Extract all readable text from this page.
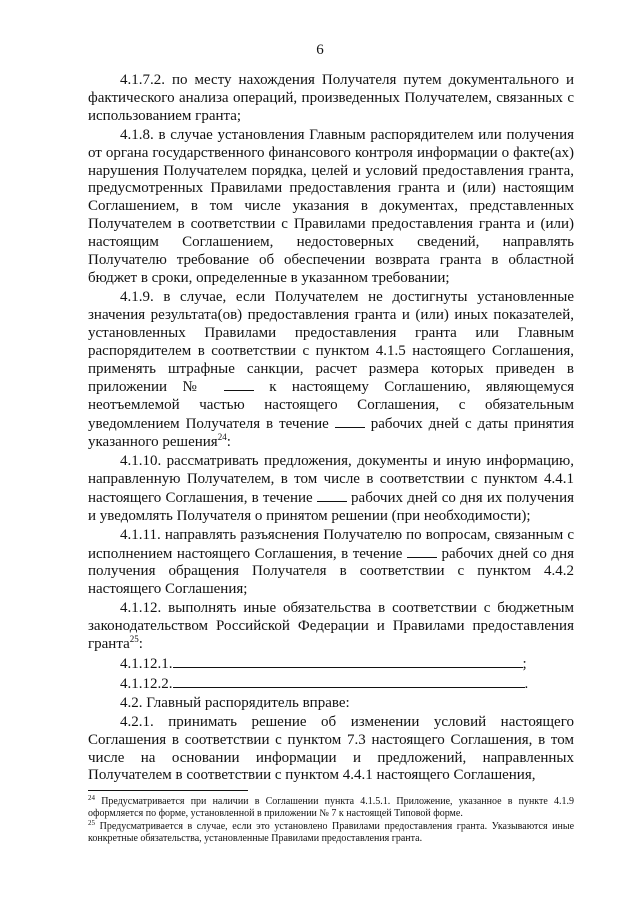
6

4.1.7.2. по месту нахождения Получателя путем документального и фактического анализа операций, произведенных Получателем, связанных с использованием гранта;

4.1.8. в случае установления Главным распорядителем или получения от органа государственного финансового контроля информации о факте(ах) нарушения Получателем порядка, целей и условий предоставления гранта, предусмотренных Правилами предоставления гранта и (или) настоящим Соглашением, в том числе указания в документах, представленных Получателем в соответствии с Правилами предоставления гранта и (или) настоящим Соглашением, недостоверных сведений, направлять Получателю требование об обеспечении возврата гранта в областной бюджет в сроки, определенные в указанном требовании;

4.1.9. в случае, если Получателем не достигнуты установленные значения результата(ов) предоставления гранта и (или) иных показателей, установленных Правилами предоставления гранта или Главным распорядителем в соответствии с пунктом 4.1.5 настоящего Соглашения, применять штрафные санкции, расчет размера которых приведен в приложении №	к настоящему Соглашению, являющемуся неотъемлемой частью настоящего Соглашения, с обязательным уведомлением Получателя в течение	рабочих дней с даты принятия указанного решения$^{24}$:

4.1.10. рассматривать предложения, документы и иную информацию, направленную Получателем, в том числе в соответствии с пунктом 4.4.1 настоящего Соглашения, в течение	рабочих дней со дня их получения и уведомлять Получателя о принятом решении (при необходимости);

4.1.11. направлять разъяснения Получателю по вопросам, связанным с исполнением настоящего Соглашения, в течение	рабочих дней со дня получения обращения Получателя в соответствии с пунктом 4.4.2 настоящего Соглашения;

4.1.12. выполнять иные обязательства в соответствии с бюджетным законодательством Российской Федерации и Правилами предоставления гранта$^{25}$:

4.1.12.1.	;

4.1.12.2.	.

4.2. Главный распорядитель вправе:

4.2.1. принимать решение об изменении условий настоящего Соглашения в соответствии с пунктом 7.3 настоящего Соглашения, в том числе на основании информации и предложений, направленных Получателем в соответствии с пунктом 4.4.1 настоящего Соглашения,

$^{24}$ Предусматривается при наличии в Соглашении пункта 4.1.5.1. Приложение, указанное в пункте 4.1.9 оформляется по форме, установленной в приложении № 7 к настоящей Типовой форме.

$^{25}$ Предусматривается в случае, если это установлено Правилами предоставления гранта. Указываются иные конкретные обязательства, установленные Правилами предоставления гранта.
